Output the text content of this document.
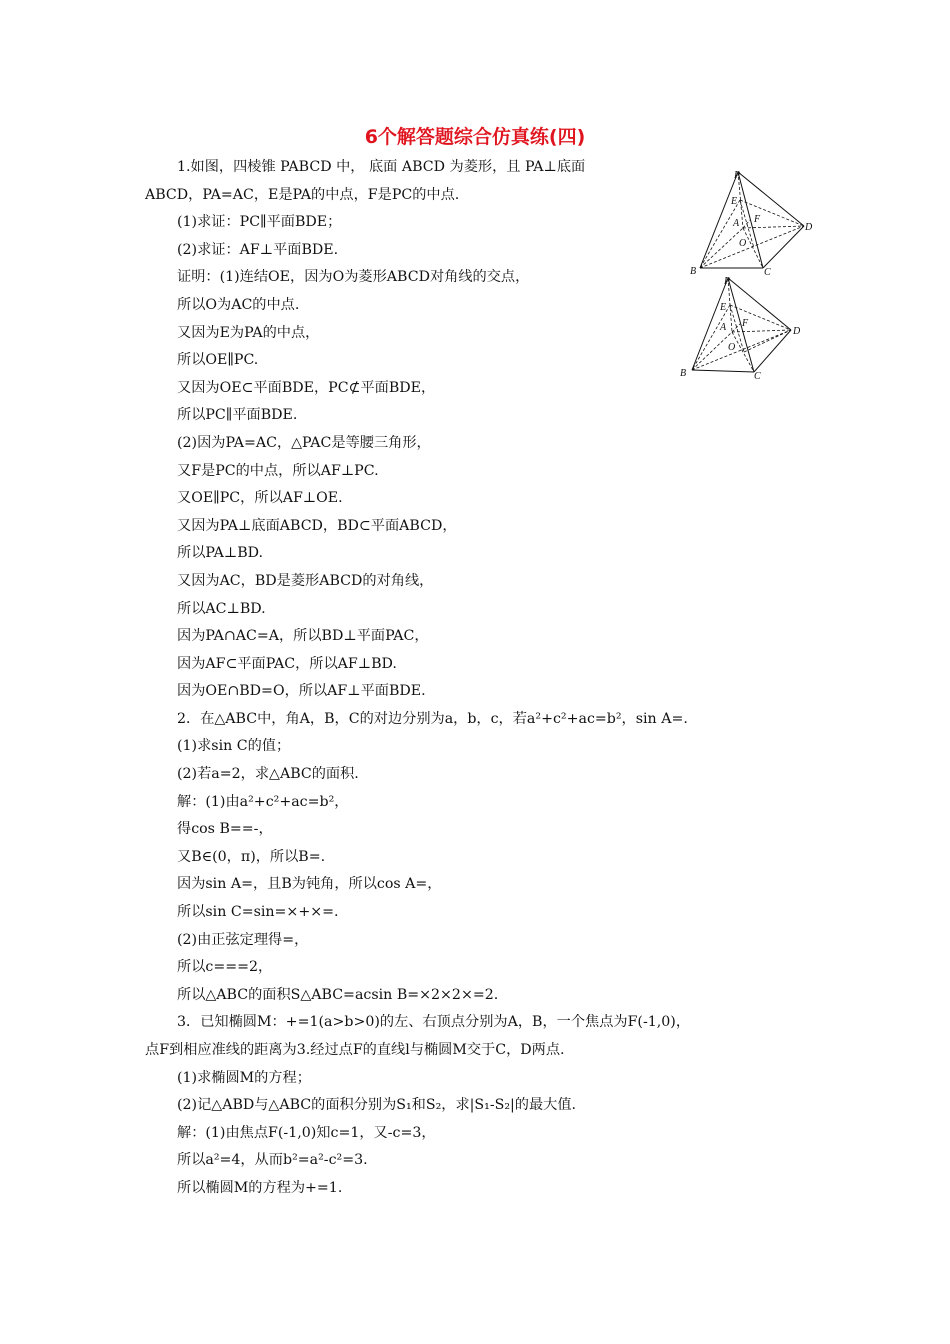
6个解答题综合仿真练(四)
1.如图，四棱锥 PABCD 中， 底面 ABCD 为菱形，且 PA⊥底面
ABCD，PA=AC，E是PA的中点，F是PC的中点.
(1)求证：PC∥平面BDE；
(2)求证：AF⊥平面BDE.
证明：(1)连结OE，因为O为菱形ABCD对角线的交点，
所以O为AC的中点.
又因为E为PA的中点，
所以OE∥PC.
又因为OE⊂平面BDE，PC⊄平面BDE，
所以PC∥平面BDE.
(2)因为PA=AC，△PAC是等腰三角形，
又F是PC的中点，所以AF⊥PC.
又OE∥PC，所以AF⊥OE.
又因为PA⊥底面ABCD，BD⊂平面ABCD，
所以PA⊥BD.
又因为AC，BD是菱形ABCD的对角线，
所以AC⊥BD.
因为PA∩AC=A，所以BD⊥平面PAC，
因为AF⊂平面PAC，所以AF⊥BD.
因为OE∩BD=O，所以AF⊥平面BDE.
2．在△ABC中，角A，B，C的对边分别为a，b，c，若a²+c²+ac=b²，sin A=.
(1)求sin C的值；
(2)若a=2，求△ABC的面积.
解：(1)由a²+c²+ac=b²，
得cos B==-，
又B∈(0，π)，所以B=.
因为sin A=，且B为钝角，所以cos A=，
所以sin C=sin=×+×=.
(2)由正弦定理得=，
所以c===2，
所以△ABC的面积S△ABC=acsin B=×2×2×=2.
3．已知椭圆M：+=1(a>b>0)的左、右顶点分别为A，B，一个焦点为F(-1,0)，
点F到相应准线的距离为3.经过点F的直线l与椭圆M交于C，D两点.
(1)求椭圆M的方程；
(2)记△ABD与△ABC的面积分别为S₁和S₂，求|S₁-S₂|的最大值.
解：(1)由焦点F(-1,0)知c=1，又-c=3，
所以a²=4，从而b²=a²-c²=3.
所以椭圆M的方程为+=1.
P
E
F
A
O
D
B	C
P
E
F
A
O
D
B	C
